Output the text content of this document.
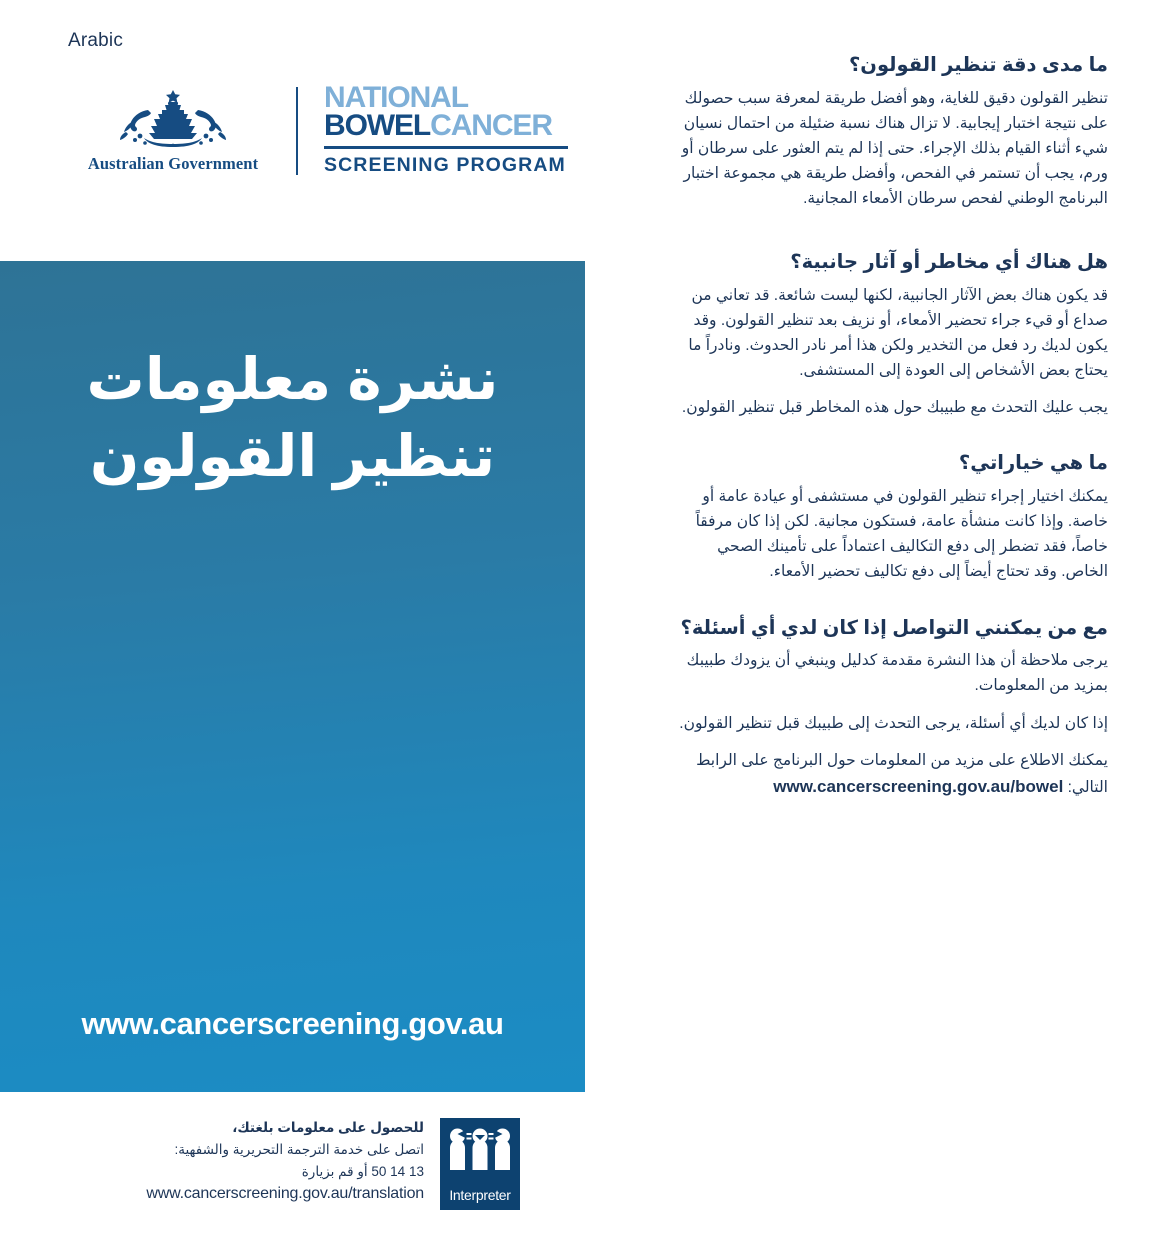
Arabic
Australian Government
NATIONAL
BOWELCANCER
SCREENING PROGRAM
نشرة معلومات تنظير القولون
www.cancerscreening.gov.au
ما مدى دقة تنظير القولون؟

تنظير القولون دقيق للغاية، وهو أفضل طريقة لمعرفة سبب حصولك على نتيجة اختبار إيجابية. لا تزال هناك نسبة ضئيلة من احتمال نسيان شيء أثناء القيام بذلك الإجراء. حتى إذا لم يتم العثور على سرطان أو ورم، يجب أن تستمر في الفحص، وأفضل طريقة هي مجموعة اختبار البرنامج الوطني لفحص سرطان الأمعاء المجانية.

هل هناك أي مخاطر أو آثار جانبية؟

قد يكون هناك بعض الآثار الجانبية، لكنها ليست شائعة. قد تعاني من صداع أو قيء جراء تحضير الأمعاء، أو نزيف بعد تنظير القولون. وقد يكون لديك رد فعل من التخدير ولكن هذا أمر نادر الحدوث. ونادراً ما يحتاج بعض الأشخاص إلى العودة إلى المستشفى.

يجب عليك التحدث مع طبيبك حول هذه المخاطر قبل تنظير القولون.

ما هي خياراتي؟

يمكنك اختيار إجراء تنظير القولون في مستشفى أو عيادة عامة أو خاصة. وإذا كانت منشأة عامة، فستكون مجانية. لكن إذا كان مرفقاً خاصاً، فقد تضطر إلى دفع التكاليف اعتماداً على تأمينك الصحي الخاص. وقد تحتاج أيضاً إلى دفع تكاليف تحضير الأمعاء.

مع من يمكنني التواصل إذا كان لدي أي أسئلة؟

يرجى ملاحظة أن هذا النشرة مقدمة كدليل وينبغي أن يزودك طبيبك بمزيد من المعلومات.

إذا كان لديك أي أسئلة، يرجى التحدث إلى طبيبك قبل تنظير القولون.

يمكنك الاطلاع على مزيد من المعلومات حول البرنامج على الرابط التالي: www.cancerscreening.gov.au/bowel

للحصول على معلومات بلغتك،
اتصل على خدمة الترجمة التحريرية والشفهية:
13 14 50 أو قم بزيارة
www.cancerscreening.gov.au/translation	Interpreter
